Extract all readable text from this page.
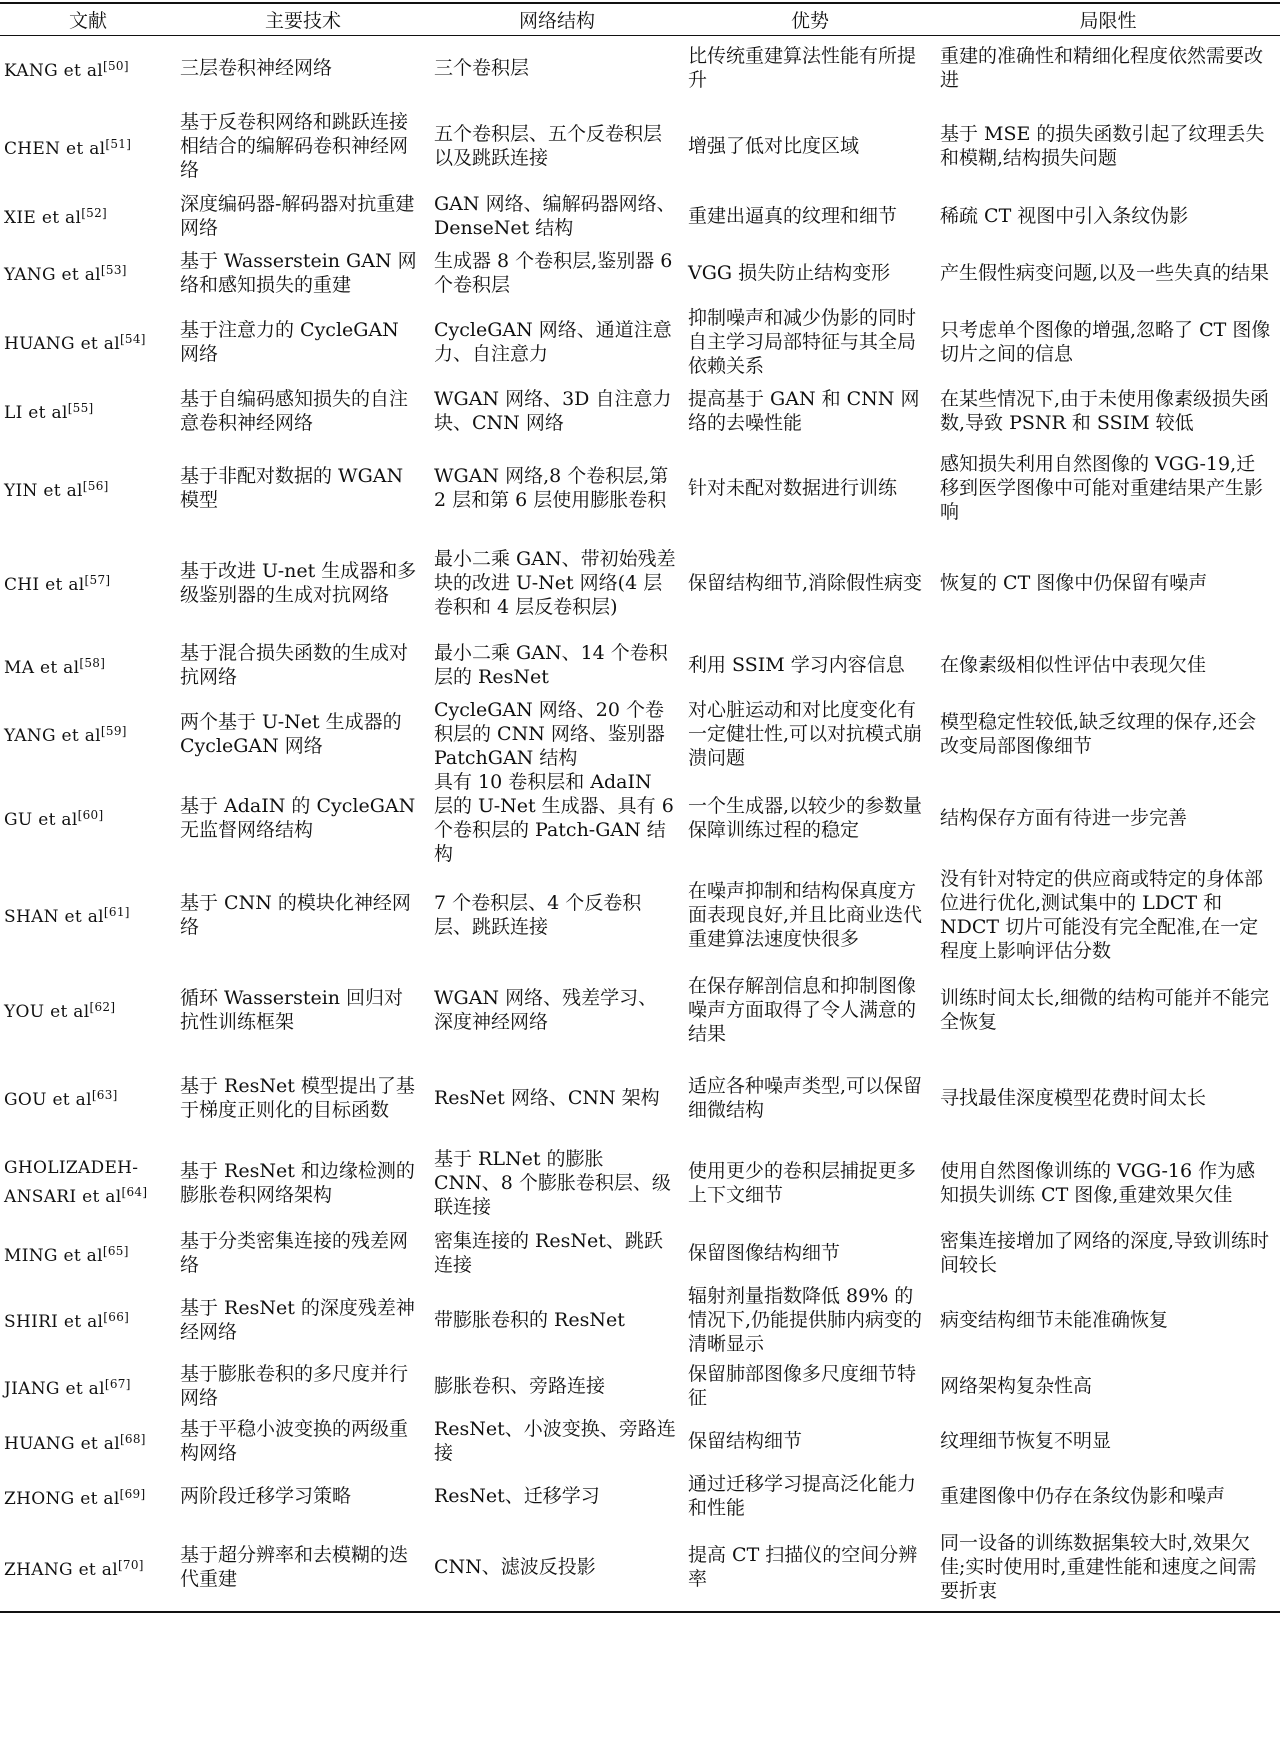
文献	主要技术	网络结构	优势	局限性
KANG et al[50]	三层卷积神经网络	三个卷积层	比传统重建算法性能有所提升	重建的准确性和精细化程度依然需要改进
CHEN et al[51]	基于反卷积网络和跳跃连接相结合的编解码卷积神经网络	五个卷积层、五个反卷积层以及跳跃连接	增强了低对比度区域	基于 MSE 的损失函数引起了纹理丢失和模糊,结构损失问题
XIE et al[52]	深度编码器-解码器对抗重建网络	GAN 网络、编解码器网络、DenseNet 结构	重建出逼真的纹理和细节	稀疏 CT 视图中引入条纹伪影
YANG et al[53]	基于 Wasserstein GAN 网络和感知损失的重建	生成器 8 个卷积层,鉴别器 6 个卷积层	VGG 损失防止结构变形	产生假性病变问题,以及一些失真的结果
HUANG et al[54]	基于注意力的 CycleGAN 网络	CycleGAN 网络、通道注意力、自注意力	抑制噪声和减少伪影的同时自主学习局部特征与其全局依赖关系	只考虑单个图像的增强,忽略了 CT 图像切片之间的信息
LI et al[55]	基于自编码感知损失的自注意卷积神经网络	WGAN 网络、3D 自注意力块、CNN 网络	提高基于 GAN 和 CNN 网络的去噪性能	在某些情况下,由于未使用像素级损失函数,导致 PSNR 和 SSIM 较低
YIN et al[56]	基于非配对数据的 WGAN 模型	WGAN 网络,8 个卷积层,第 2 层和第 6 层使用膨胀卷积	针对未配对数据进行训练	感知损失利用自然图像的 VGG-19,迁移到医学图像中可能对重建结果产生影响
CHI et al[57]	基于改进 U-net 生成器和多级鉴别器的生成对抗网络	最小二乘 GAN、带初始残差块的改进 U-Net 网络(4 层卷积和 4 层反卷积层)	保留结构细节,消除假性病变	恢复的 CT 图像中仍保留有噪声
MA et al[58]	基于混合损失函数的生成对抗网络	最小二乘 GAN、14 个卷积层的 ResNet	利用 SSIM 学习内容信息	在像素级相似性评估中表现欠佳
YANG et al[59]	两个基于 U-Net 生成器的 CycleGAN 网络	CycleGAN 网络、20 个卷积层的 CNN 网络、鉴别器 PatchGAN 结构	对心脏运动和对比度变化有一定健壮性,可以对抗模式崩溃问题	模型稳定性较低,缺乏纹理的保存,还会改变局部图像细节
GU et al[60]	基于 AdaIN 的 CycleGAN 无监督网络结构	具有 10 卷积层和 AdaIN 层的 U-Net 生成器、具有 6 个卷积层的 Patch-GAN 结构	一个生成器,以较少的参数量保障训练过程的稳定	结构保存方面有待进一步完善
SHAN et al[61]	基于 CNN 的模块化神经网络	7 个卷积层、4 个反卷积层、跳跃连接	在噪声抑制和结构保真度方面表现良好,并且比商业迭代重建算法速度快很多	没有针对特定的供应商或特定的身体部位进行优化,测试集中的 LDCT 和 NDCT 切片可能没有完全配准,在一定程度上影响评估分数
YOU et al[62]	循环 Wasserstein 回归对抗性训练框架	WGAN 网络、残差学习、深度神经网络	在保存解剖信息和抑制图像噪声方面取得了令人满意的结果	训练时间太长,细微的结构可能并不能完全恢复
GOU et al[63]	基于 ResNet 模型提出了基于梯度正则化的目标函数	ResNet 网络、CNN 架构	适应各种噪声类型,可以保留细微结构	寻找最佳深度模型花费时间太长
GHOLIZADEH-ANSARI et al[64]	基于 ResNet 和边缘检测的膨胀卷积网络架构	基于 RLNet 的膨胀 CNN、8 个膨胀卷积层、级联连接	使用更少的卷积层捕捉更多上下文细节	使用自然图像训练的 VGG-16 作为感知损失训练 CT 图像,重建效果欠佳
MING et al[65]	基于分类密集连接的残差网络	密集连接的 ResNet、跳跃连接	保留图像结构细节	密集连接增加了网络的深度,导致训练时间较长
SHIRI et al[66]	基于 ResNet 的深度残差神经网络	带膨胀卷积的 ResNet	辐射剂量指数降低 89% 的情况下,仍能提供肺内病变的清晰显示	病变结构细节未能准确恢复
JIANG et al[67]	基于膨胀卷积的多尺度并行网络	膨胀卷积、旁路连接	保留肺部图像多尺度细节特征	网络架构复杂性高
HUANG et al[68]	基于平稳小波变换的两级重构网络	ResNet、小波变换、旁路连接	保留结构细节	纹理细节恢复不明显
ZHONG et al[69]	两阶段迁移学习策略	ResNet、迁移学习	通过迁移学习提高泛化能力和性能	重建图像中仍存在条纹伪影和噪声
ZHANG et al[70]	基于超分辨率和去模糊的迭代重建	CNN、滤波反投影	提高 CT 扫描仪的空间分辨率	同一设备的训练数据集较大时,效果欠佳;实时使用时,重建性能和速度之间需要折衷
